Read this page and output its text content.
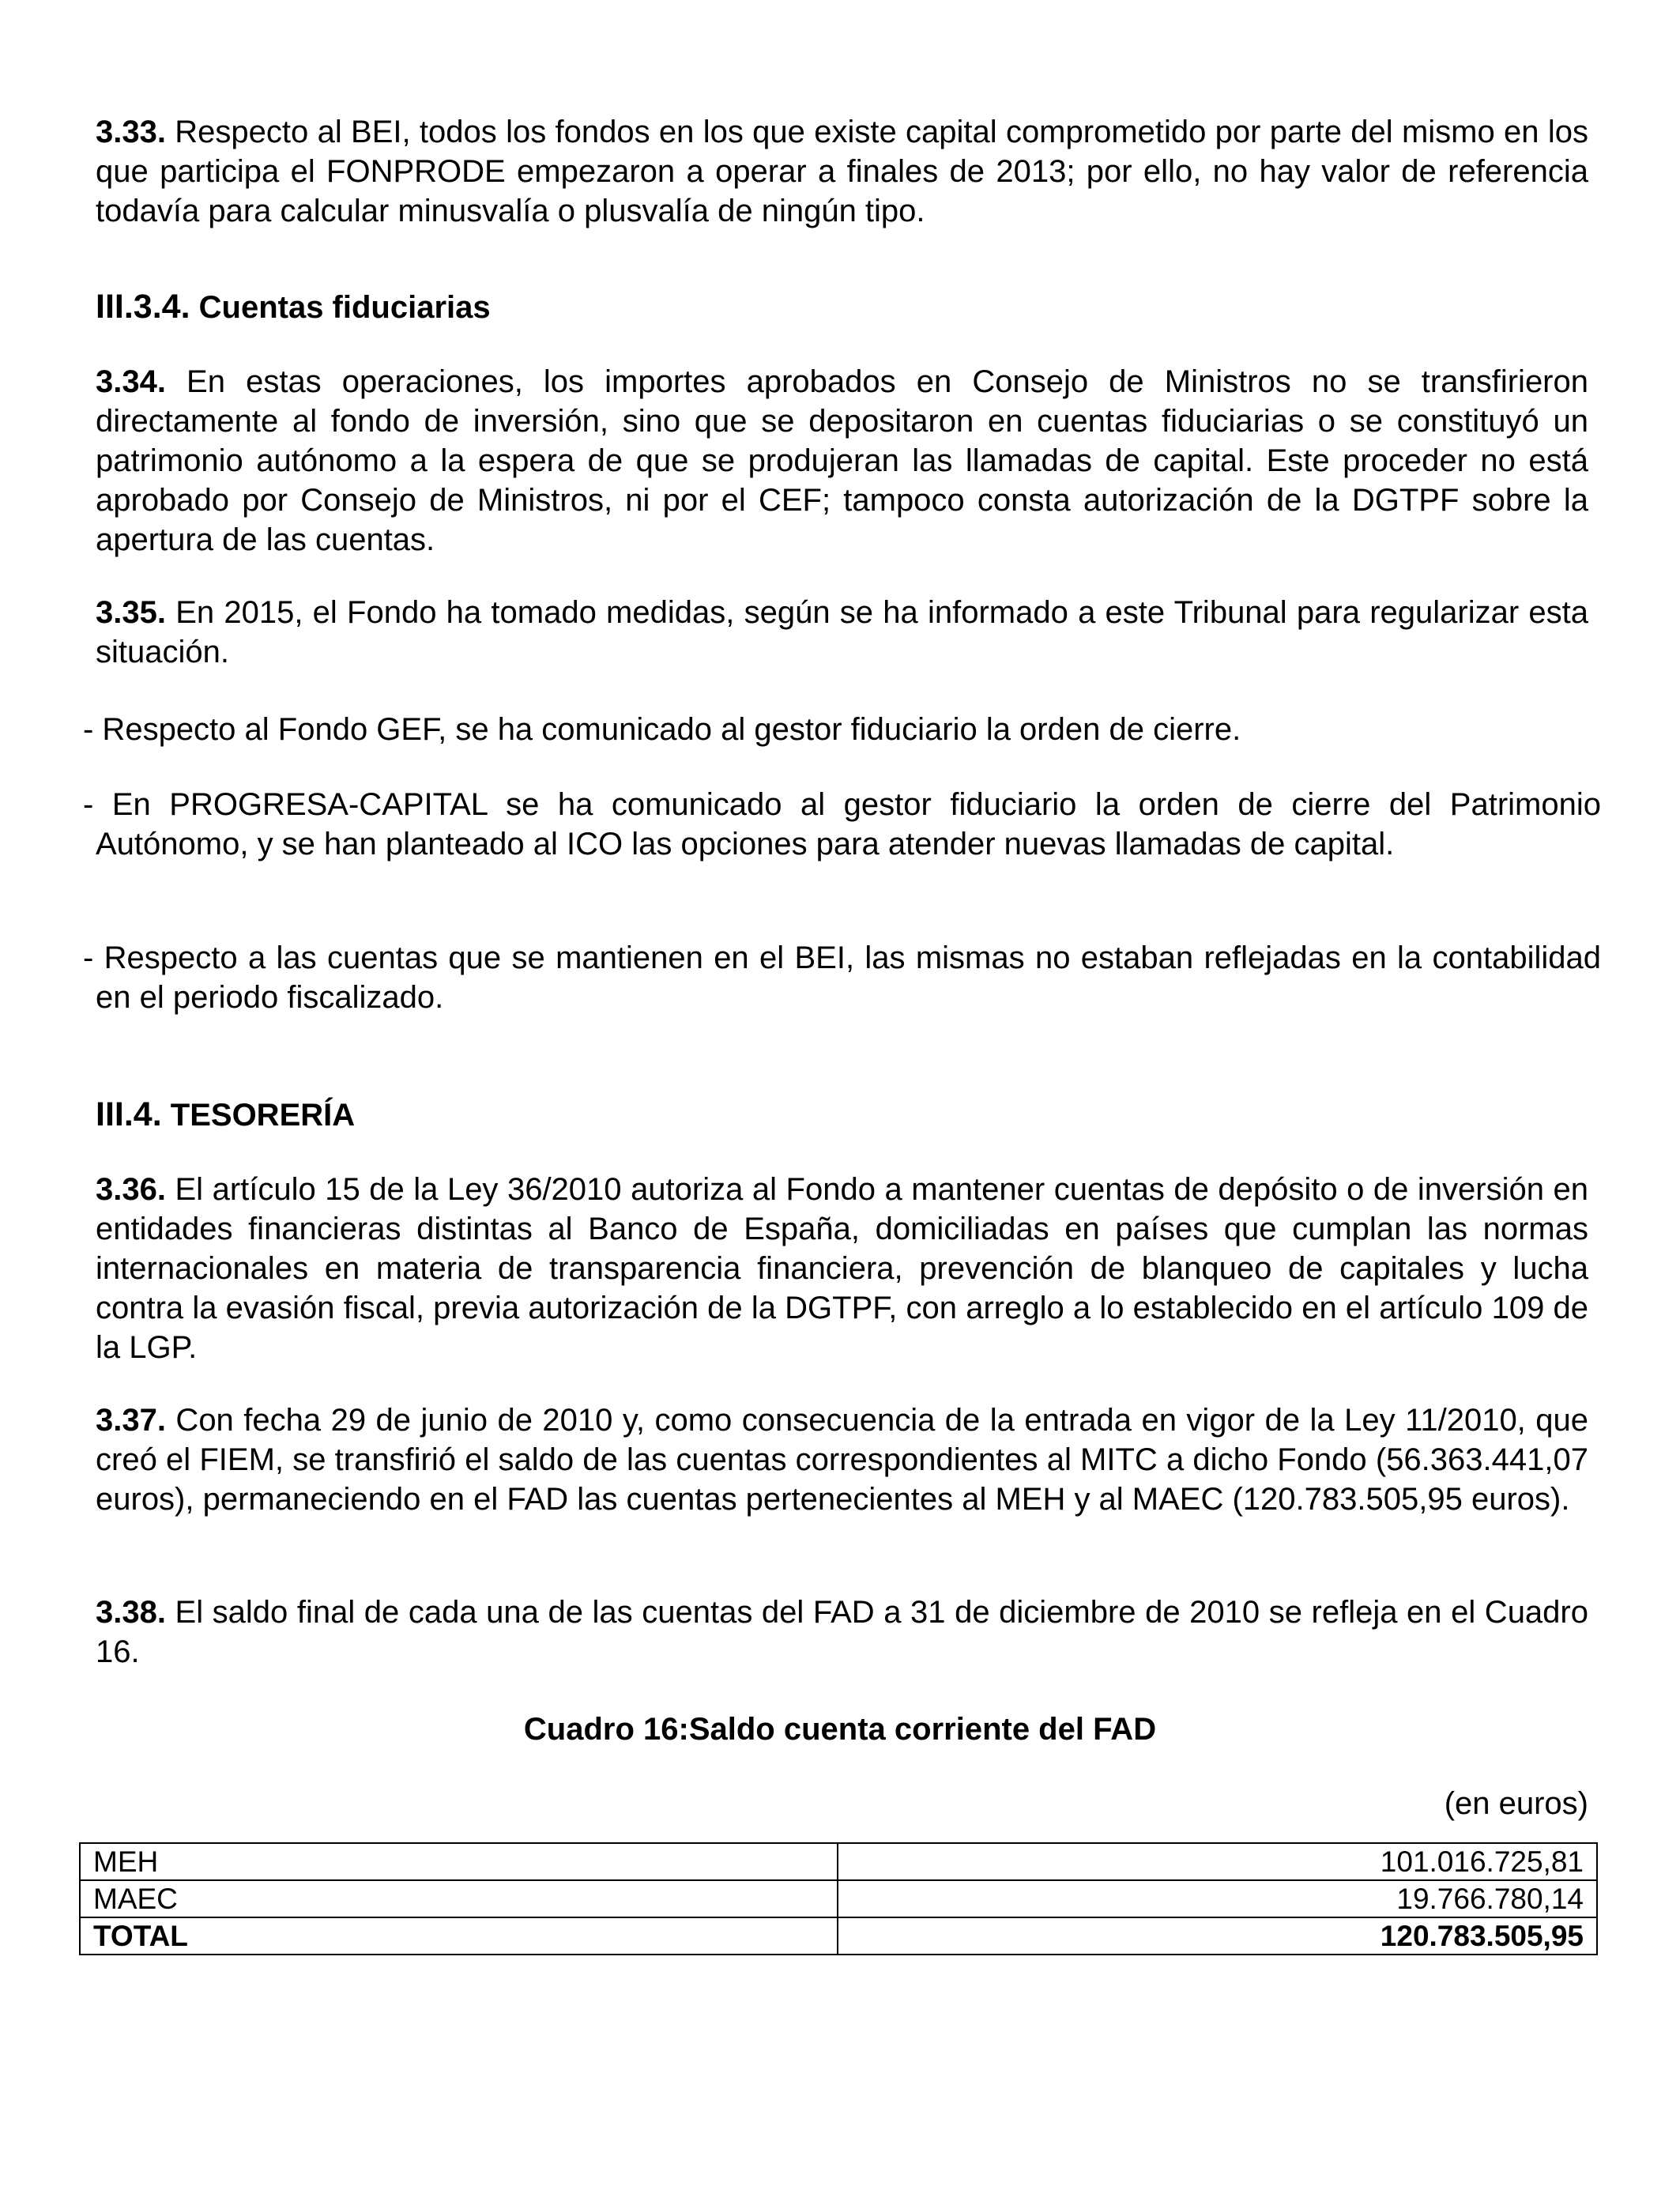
3.33. Respecto al BEI, todos los fondos en los que existe capital comprometido por parte del mismo en los que participa el FONPRODE empezaron a operar a finales de 2013; por ello, no hay valor de referencia todavía para calcular minusvalía o plusvalía de ningún tipo.

III.3.4. Cuentas fiduciarias

3.34. En estas operaciones, los importes aprobados en Consejo de Ministros no se transfirieron directamente al fondo de inversión, sino que se depositaron en cuentas fiduciarias o se constituyó un patrimonio autónomo a la espera de que se produjeran las llamadas de capital. Este proceder no está aprobado por Consejo de Ministros, ni por el CEF; tampoco consta autorización de la DGTPF sobre la apertura de las cuentas.

3.35. En 2015, el Fondo ha tomado medidas, según se ha informado a este Tribunal para regularizar esta situación.

- Respecto al Fondo GEF, se ha comunicado al gestor fiduciario la orden de cierre.

- En PROGRESA-CAPITAL se ha comunicado al gestor fiduciario la orden de cierre del Patrimonio Autónomo, y se han planteado al ICO las opciones para atender nuevas llamadas de capital.

- Respecto a las cuentas que se mantienen en el BEI, las mismas no estaban reflejadas en la contabilidad en el periodo fiscalizado.

III.4. TESORERÍA

3.36. El artículo 15 de la Ley 36/2010 autoriza al Fondo a mantener cuentas de depósito o de inversión en entidades financieras distintas al Banco de España, domiciliadas en países que cumplan las normas internacionales en materia de transparencia financiera, prevención de blanqueo de capitales y lucha contra la evasión fiscal, previa autorización de la DGTPF, con arreglo a lo establecido en el artículo 109 de la LGP.

3.37. Con fecha 29 de junio de 2010 y, como consecuencia de la entrada en vigor de la Ley 11/2010, que creó el FIEM, se transfirió el saldo de las cuentas correspondientes al MITC a dicho Fondo (56.363.441,07 euros), permaneciendo en el FAD las cuentas pertenecientes al MEH y al MAEC (120.783.505,95 euros).

3.38. El saldo final de cada una de las cuentas del FAD a 31 de diciembre de 2010 se refleja en el Cuadro 16.

Cuadro 16:Saldo cuenta corriente del FAD

(en euros)

MEH	101.016.725,81
MAEC	19.766.780,14
TOTAL	120.783.505,95
